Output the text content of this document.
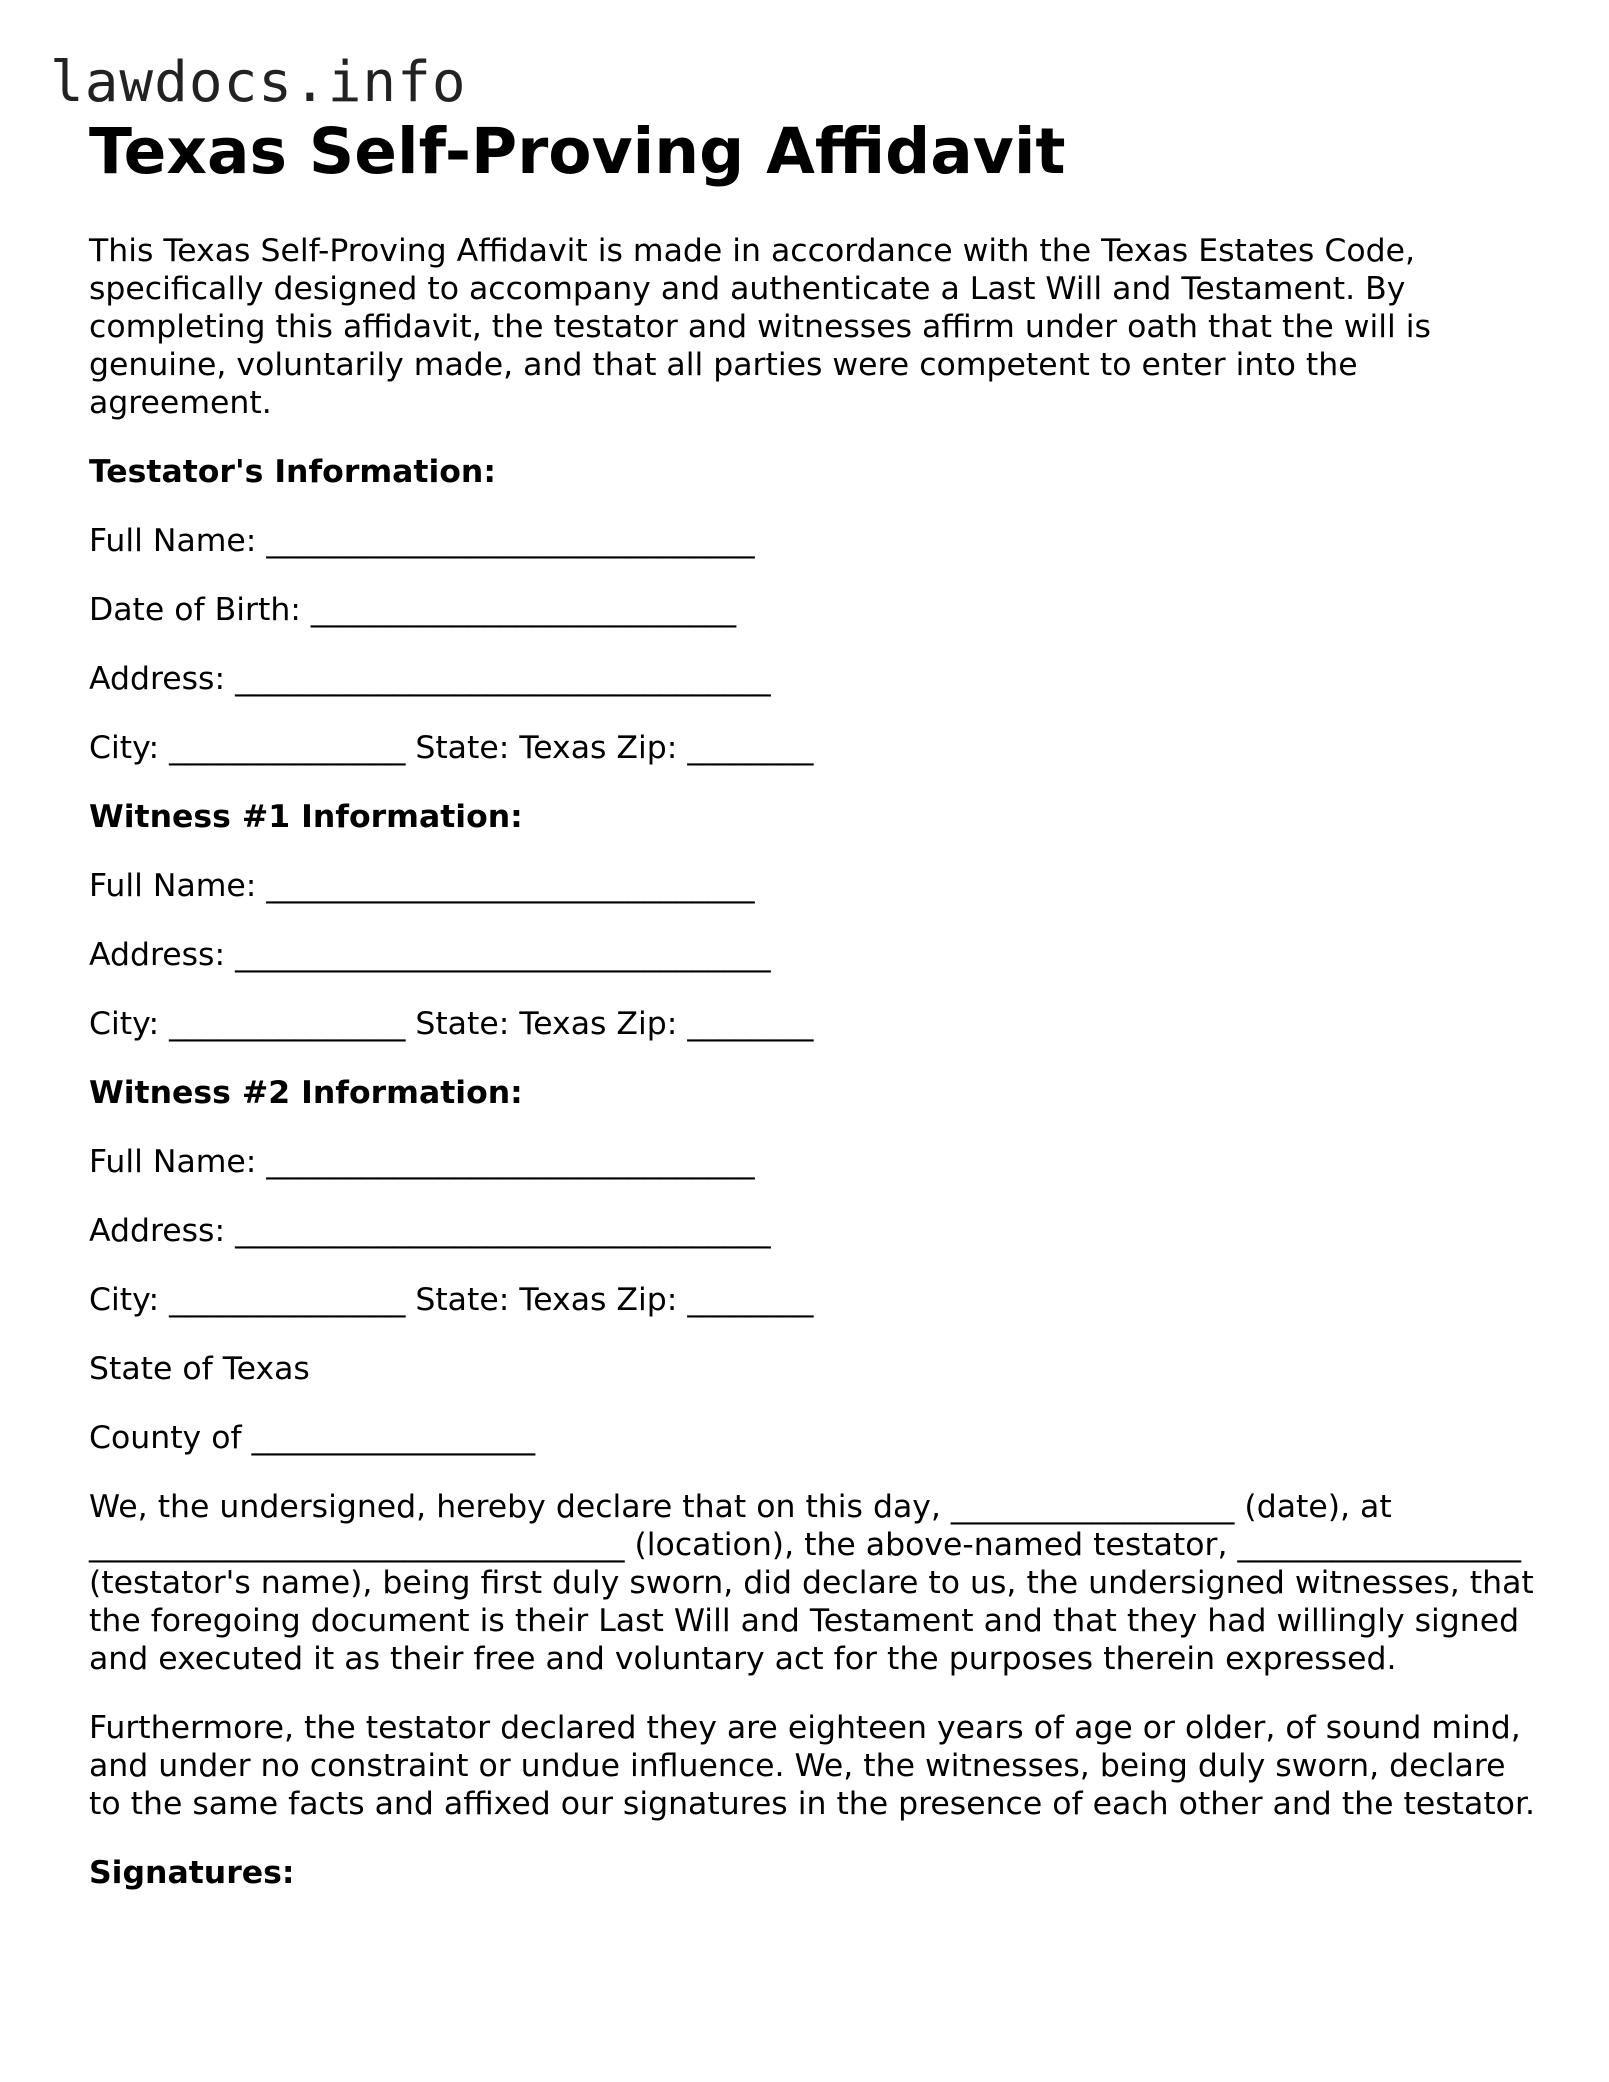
lawdocs.info
Texas Self-Proving Affidavit

This Texas Self-Proving Affidavit is made in accordance with the Texas Estates Code, specifically designed to accompany and authenticate a Last Will and Testament. By completing this affidavit, the testator and witnesses affirm under oath that the will is genuine, voluntarily made, and that all parties were competent to enter into the agreement.

Testator's Information:

Full Name: _______________________________

Date of Birth: ___________________________

Address: __________________________________

City: _______________ State: Texas Zip: ________

Witness #1 Information:

Full Name: _______________________________

Address: __________________________________

City: _______________ State: Texas Zip: ________

Witness #2 Information:

Full Name: _______________________________

Address: __________________________________

City: _______________ State: Texas Zip: ________

State of Texas

County of __________________

We, the undersigned, hereby declare that on this day, __________________ (date), at __________________________________ (location), the above-named testator, __________________ (testator's name), being first duly sworn, did declare to us, the undersigned witnesses, that the foregoing document is their Last Will and Testament and that they had willingly signed and executed it as their free and voluntary act for the purposes therein expressed.

Furthermore, the testator declared they are eighteen years of age or older, of sound mind, and under no constraint or undue influence. We, the witnesses, being duly sworn, declare to the same facts and affixed our signatures in the presence of each other and the testator.

Signatures:
